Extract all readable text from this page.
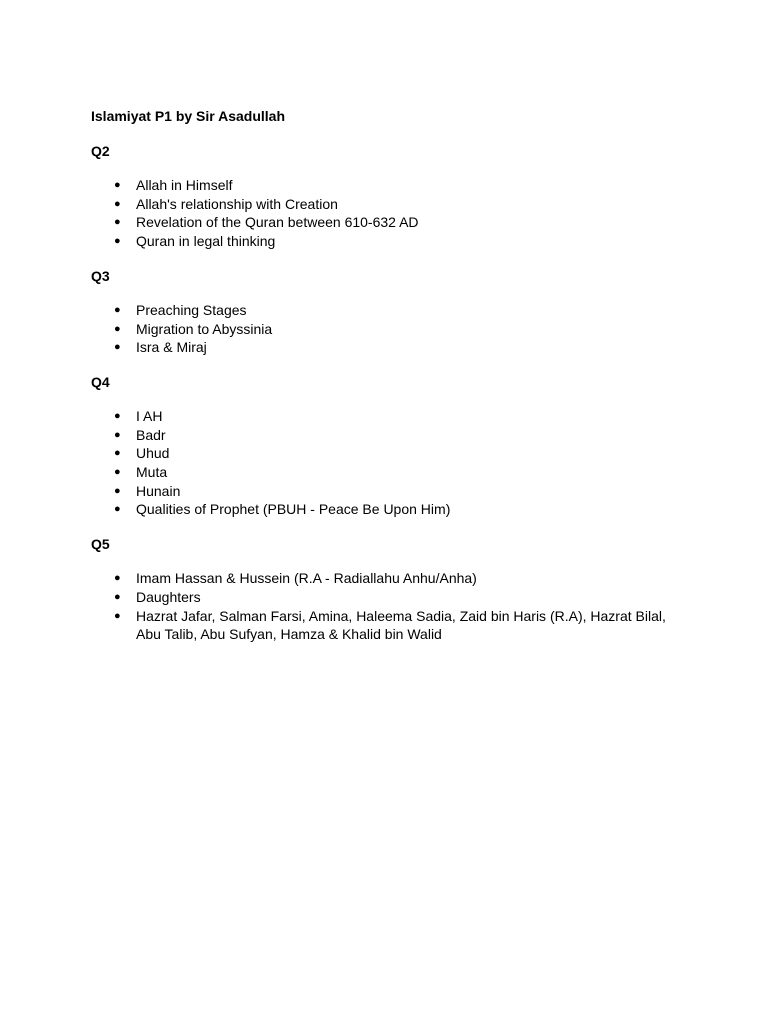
Islamiyat P1 by Sir Asadullah
Q2
● Allah in Himself
● Allah's relationship with Creation
● Revelation of the Quran between 610-632 AD
● Quran in legal thinking
Q3
● Preaching Stages
● Migration to Abyssinia
● Isra & Miraj
Q4
● I AH
● Badr
● Uhud
● Muta
● Hunain
● Qualities of Prophet (PBUH - Peace Be Upon Him)
Q5
● Imam Hassan & Hussein (R.A - Radiallahu Anhu/Anha)
● Daughters
● Hazrat Jafar, Salman Farsi, Amina, Haleema Sadia, Zaid bin Haris (R.A), Hazrat Bilal, Abu Talib, Abu Sufyan, Hamza & Khalid bin Walid
